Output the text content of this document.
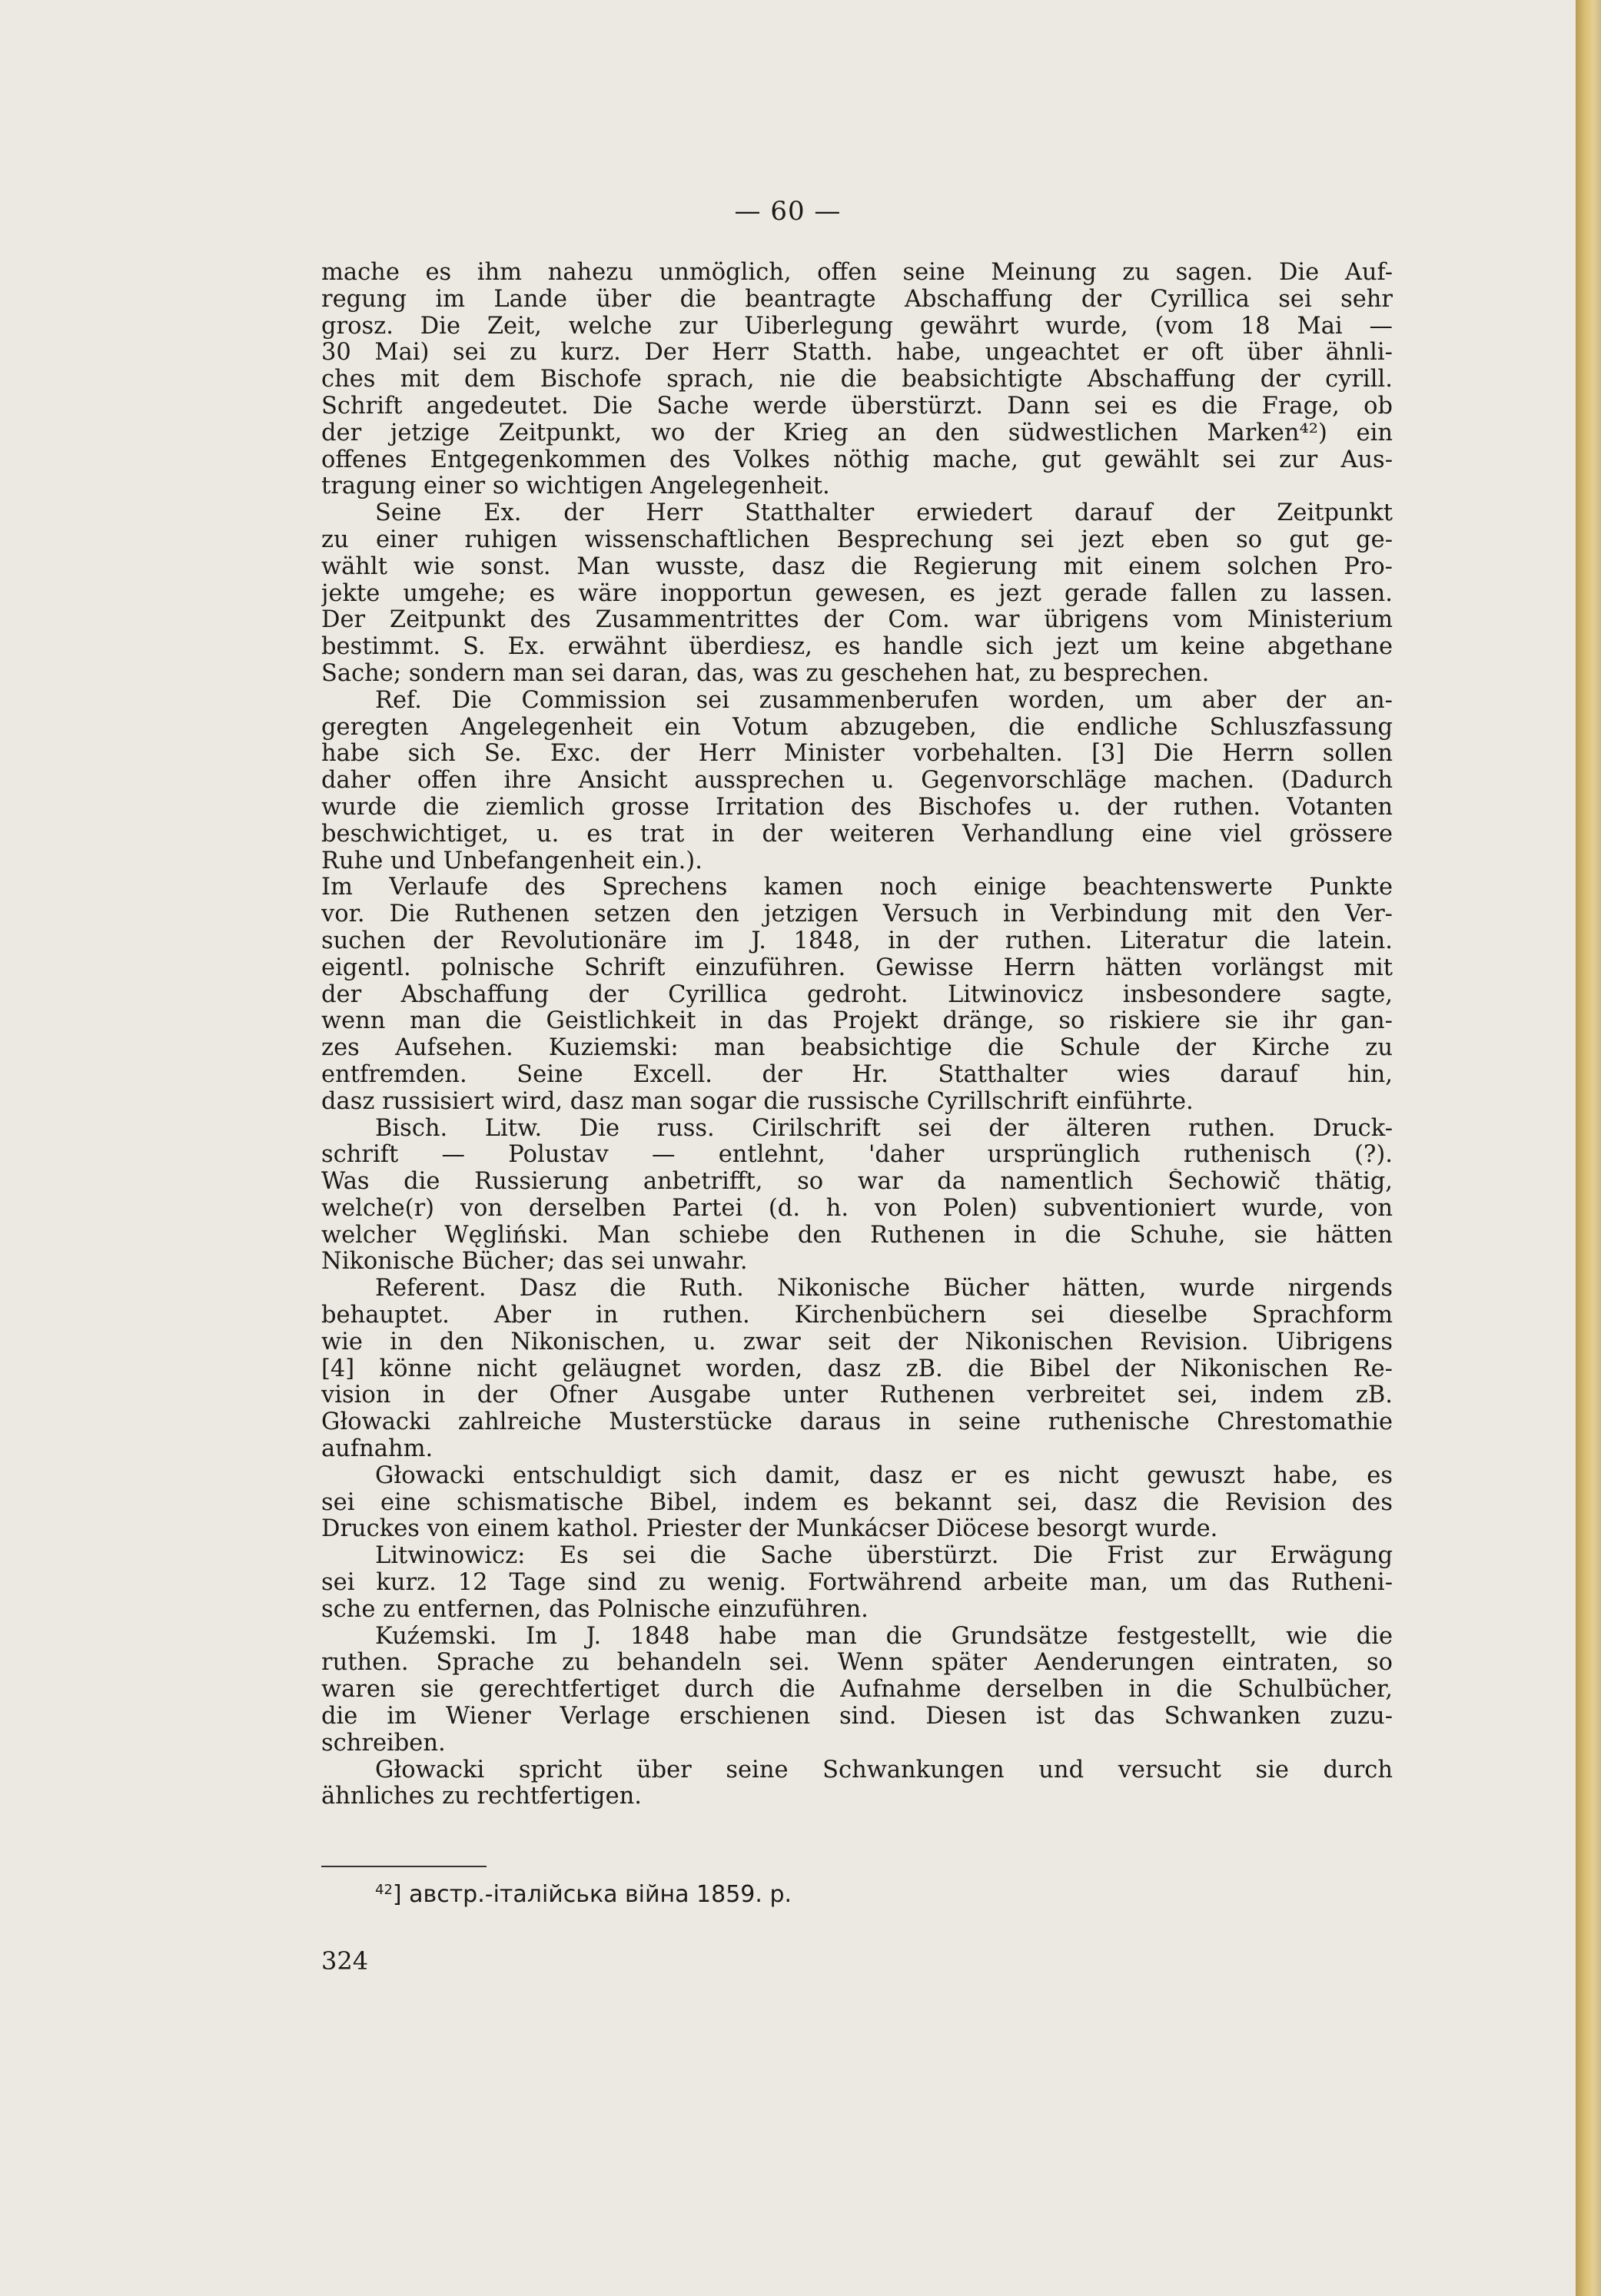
— 60 —
mache es ihm nahezu unmöglich, offen seine Meinung zu sagen. Die Auf-
regung im Lande über die beantragte Abschaffung der Cyrillica sei sehr
grosz. Die Zeit, welche zur Uiberlegung gewährt wurde, (vom 18 Mai —
30 Mai) sei zu kurz. Der Herr Statth. habe, ungeachtet er oft über ähnli-
ches mit dem Bischofe sprach, nie die beabsichtigte Abschaffung der cyrill.
Schrift angedeutet. Die Sache werde überstürzt. Dann sei es die Frage, ob
der jetzige Zeitpunkt, wo der Krieg an den südwestlichen Marken⁴²) ein
offenes Entgegenkommen des Volkes nöthig mache, gut gewählt sei zur Aus-
tragung einer so wichtigen Angelegenheit.
Seine Ex. der Herr Statthalter erwiedert darauf der Zeitpunkt
zu einer ruhigen wissenschaftlichen Besprechung sei jezt eben so gut ge-
wählt wie sonst. Man wusste, dasz die Regierung mit einem solchen Pro-
jekte umgehe; es wäre inopportun gewesen, es jezt gerade fallen zu lassen.
Der Zeitpunkt des Zusammentrittes der Com. war übrigens vom Ministerium
bestimmt. S. Ex. erwähnt überdiesz, es handle sich jezt um keine abgethane
Sache; sondern man sei daran, das, was zu geschehen hat, zu besprechen.
Ref. Die Commission sei zusammenberufen worden, um aber der an-
geregten Angelegenheit ein Votum abzugeben, die endliche Schluszfassung
habe sich Se. Exc. der Herr Minister vorbehalten. [3] Die Herrn sollen
daher offen ihre Ansicht aussprechen u. Gegenvorschläge machen. (Dadurch
wurde die ziemlich grosse Irritation des Bischofes u. der ruthen. Votanten
beschwichtiget, u. es trat in der weiteren Verhandlung eine viel grössere
Ruhe und Unbefangenheit ein.).
Im Verlaufe des Sprechens kamen noch einige beachtenswerte Punkte
vor. Die Ruthenen setzen den jetzigen Versuch in Verbindung mit den Ver-
suchen der Revolutionäre im J. 1848, in der ruthen. Literatur die latein.
eigentl. polnische Schrift einzuführen. Gewisse Herrn hätten vorlängst mit
der Abschaffung der Cyrillica gedroht. Litwinovicz insbesondere sagte,
wenn man die Geistlichkeit in das Projekt dränge, so riskiere sie ihr gan-
zes Aufsehen. Kuziemski: man beabsichtige die Schule der Kirche zu
entfremden. Seine Excell. der Hr. Statthalter wies darauf hin,
dasz russisiert wird, dasz man sogar die russische Cyrillschrift einführte.
Bisch. Litw. Die russ. Cirilschrift sei der älteren ruthen. Druck-
schrift — Polustav — entlehnt, 'daher ursprünglich ruthenisch (?).
Was die Russierung anbetrifft, so war da namentlich Šechowič thätig,
welche(r) von derselben Partei (d. h. von Polen) subventioniert wurde, von
welcher Węgliński. Man schiebe den Ruthenen in die Schuhe, sie hätten
Nikonische Bücher; das sei unwahr.
Referent. Dasz die Ruth. Nikonische Bücher hätten, wurde nirgends
behauptet. Aber in ruthen. Kirchenbüchern sei dieselbe Sprachform
wie in den Nikonischen, u. zwar seit der Nikonischen Revision. Uibrigens
[4] könne nicht geläugnet worden, dasz zB. die Bibel der Nikonischen Re-
vision in der Ofner Ausgabe unter Ruthenen verbreitet sei, indem zB.
Głowacki zahlreiche Musterstücke daraus in seine ruthenische Chrestomathie
aufnahm.
Głowacki entschuldigt sich damit, dasz er es nicht gewuszt habe, es
sei eine schismatische Bibel, indem es bekannt sei, dasz die Revision des
Druckes von einem kathol. Priester der Munkácser Diöcese besorgt wurde.
Litwinowicz: Es sei die Sache überstürzt. Die Frist zur Erwägung
sei kurz. 12 Tage sind zu wenig. Fortwährend arbeite man, um das Rutheni-
sche zu entfernen, das Polnische einzuführen.
Kuźemski. Im J. 1848 habe man die Grundsätze festgestellt, wie die
ruthen. Sprache zu behandeln sei. Wenn später Aenderungen eintraten, so
waren sie gerechtfertiget durch die Aufnahme derselben in die Schulbücher,
die im Wiener Verlage erschienen sind. Diesen ist das Schwanken zuzu-
schreiben.
Głowacki spricht über seine Schwankungen und versucht sie durch
ähnliches zu rechtfertigen.
$^{42}$] австр.-італійська війна 1859. р.
324
